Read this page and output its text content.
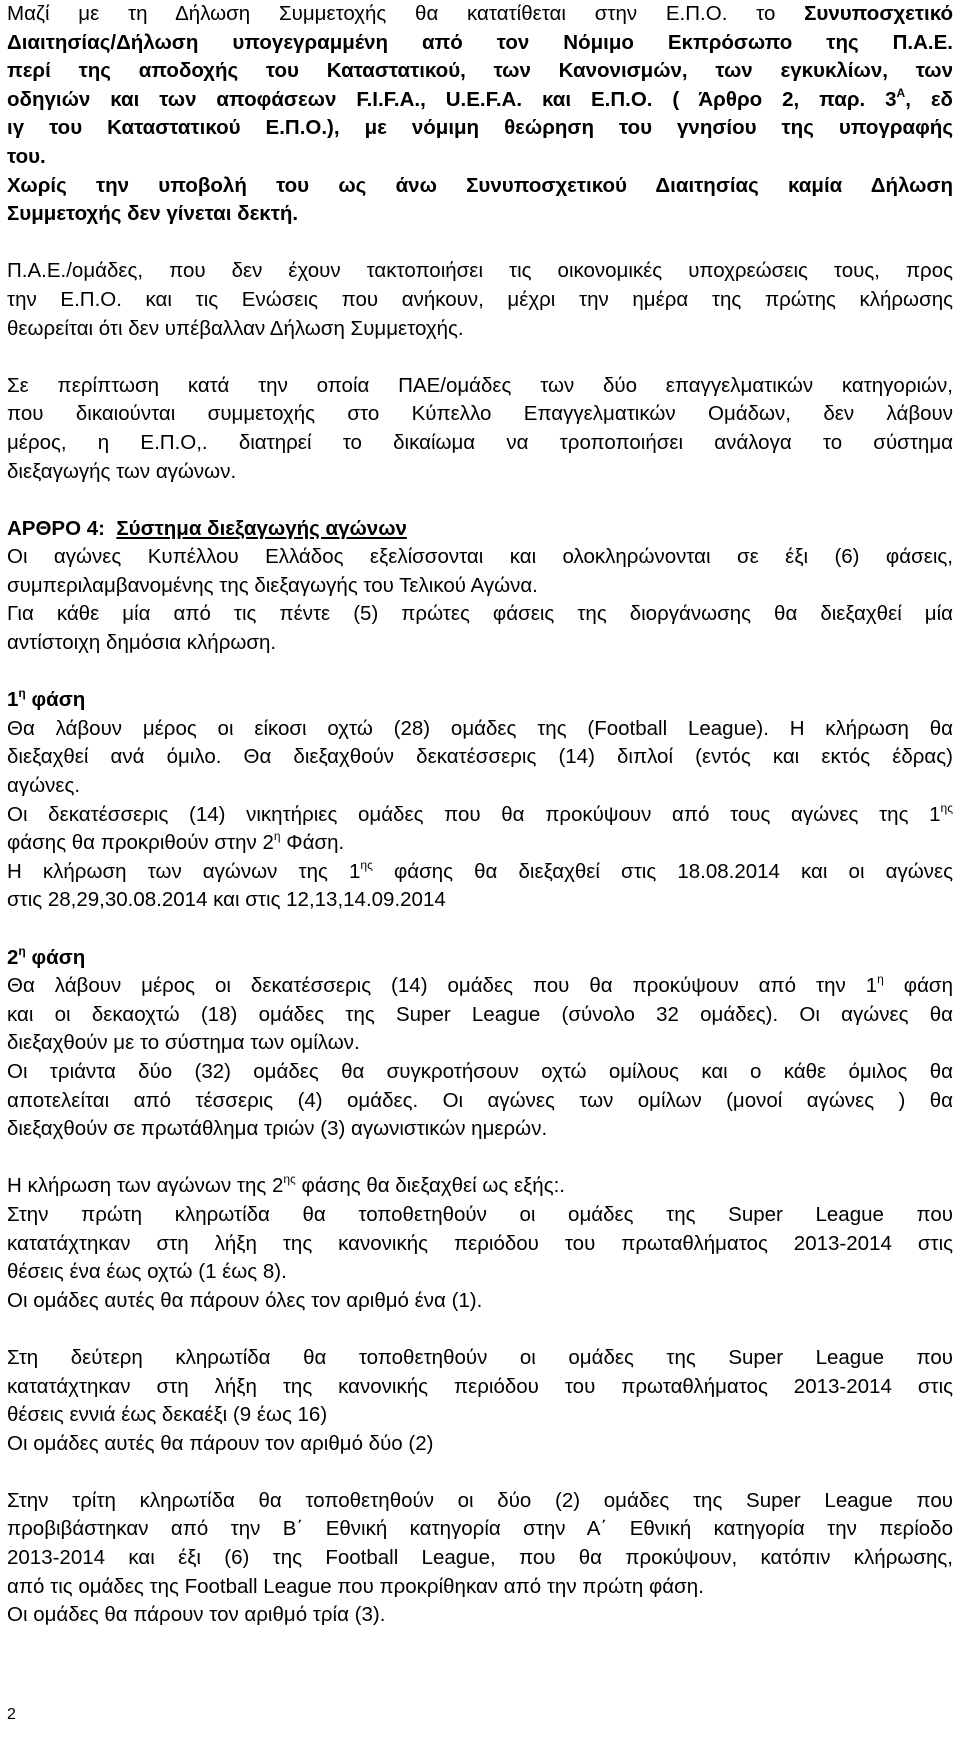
Μαζί με τη Δήλωση Συμμετοχής θα κατατίθεται στην Ε.Π.Ο. το Συνυποσχετικό
Διαιτησίας/Δήλωση υπογεγραμμένη από τον Νόμιμο Εκπρόσωπο της Π.Α.Ε.
περί της αποδοχής του Καταστατικού, των Κανονισμών, των εγκυκλίων, των
οδηγιών και των αποφάσεων F.I.F.A., U.E.F.A. και Ε.Π.Ο. ( Άρθρο 2, παρ. $3^A$, εδ
ιγ του Καταστατικού Ε.Π.Ο.), με νόμιμη θεώρηση του γνησίου της υπογραφής
του.
Χωρίς την υποβολή του ως άνω Συνυποσχετικού Διαιτησίας καμία Δήλωση
Συμμετοχής δεν γίνεται δεκτή.
Π.Α.Ε./ομάδες, που δεν έχουν τακτοποιήσει τις οικονομικές υποχρεώσεις τους, προς
την Ε.Π.Ο. και τις Ενώσεις που ανήκουν, μέχρι την ημέρα της πρώτης κλήρωσης
θεωρείται ότι δεν υπέβαλλαν Δήλωση Συμμετοχής.
Σε περίπτωση κατά την οποία ΠΑΕ/ομάδες των δύο επαγγελματικών κατηγοριών,
που δικαιούνται συμμετοχής στο Κύπελλο Επαγγελματικών Ομάδων, δεν λάβουν
μέρος, η Ε.Π.Ο,. διατηρεί το δικαίωμα να τροποποιήσει ανάλογα το σύστημα
διεξαγωγής των αγώνων.
ΑΡΘΡΟ 4: Σύστημα διεξαγωγής αγώνων
Οι αγώνες Κυπέλλου Ελλάδος εξελίσσονται και ολοκληρώνονται σε έξι (6) φάσεις,
συμπεριλαμβανομένης της διεξαγωγής του Τελικού Αγώνα.
Για κάθε μία από τις πέντε (5) πρώτες φάσεις της διοργάνωσης θα διεξαχθεί μία
αντίστοιχη δημόσια κλήρωση.
$1^\eta$ φάση
Θα λάβουν μέρος οι είκοσι οχτώ (28) ομάδες της (Football League). Η κλήρωση θα
διεξαχθεί ανά όμιλο. Θα διεξαχθούν δεκατέσσερις (14) διπλοί (εντός και εκτός έδρας)
αγώνες.
Οι δεκατέσσερις (14) νικητήριες ομάδες που θα προκύψουν από τους αγώνες της $1^{\eta\varsigma}$
φάσης θα προκριθούν στην $2^\eta$ Φάση.
Η κλήρωση των αγώνων της $1^{\eta\varsigma}$ φάσης θα διεξαχθεί στις 18.08.2014 και οι αγώνες
στις 28,29,30.08.2014 και στις 12,13,14.09.2014
$2^\eta$ φάση
Θα λάβουν μέρος οι δεκατέσσερις (14) ομάδες που θα προκύψουν από την $1^\eta$ φάση
και οι δεκαοχτώ (18) ομάδες της Super League (σύνολο 32 ομάδες). Οι αγώνες θα
διεξαχθούν με το σύστημα των ομίλων.
Οι τριάντα δύο (32) ομάδες θα συγκροτήσουν οχτώ ομίλους και ο κάθε όμιλος θα
αποτελείται από τέσσερις (4) ομάδες. Οι αγώνες των ομίλων (μονοί αγώνες ) θα
διεξαχθούν σε πρωτάθλημα τριών (3) αγωνιστικών ημερών.
Η κλήρωση των αγώνων της $2^{\eta\varsigma}$ φάσης θα διεξαχθεί ως εξής:.
Στην πρώτη κληρωτίδα θα τοποθετηθούν οι ομάδες της Super League που
κατατάχτηκαν στη λήξη της κανονικής περιόδου του πρωταθλήματος 2013-2014 στις
θέσεις ένα έως οχτώ (1 έως 8).
Οι ομάδες αυτές θα πάρουν όλες τον αριθμό ένα (1).
Στη δεύτερη κληρωτίδα θα τοποθετηθούν οι ομάδες της Super League που
κατατάχτηκαν στη λήξη της κανονικής περιόδου του πρωταθλήματος 2013-2014 στις
θέσεις εννιά έως δεκαέξι (9 έως 16)
Οι ομάδες αυτές θα πάρουν τον αριθμό δύο (2)
Στην τρίτη κληρωτίδα θα τοποθετηθούν οι δύο (2) ομάδες της Super League που
προβιβάστηκαν από την Β΄ Εθνική κατηγορία στην Α΄ Εθνική κατηγορία την περίοδο
2013-2014 και έξι (6) της Football League, που θα προκύψουν, κατόπιν κλήρωσης,
από τις ομάδες της Football League που προκρίθηκαν από την πρώτη φάση.
Οι ομάδες θα πάρουν τον αριθμό τρία (3).
2
